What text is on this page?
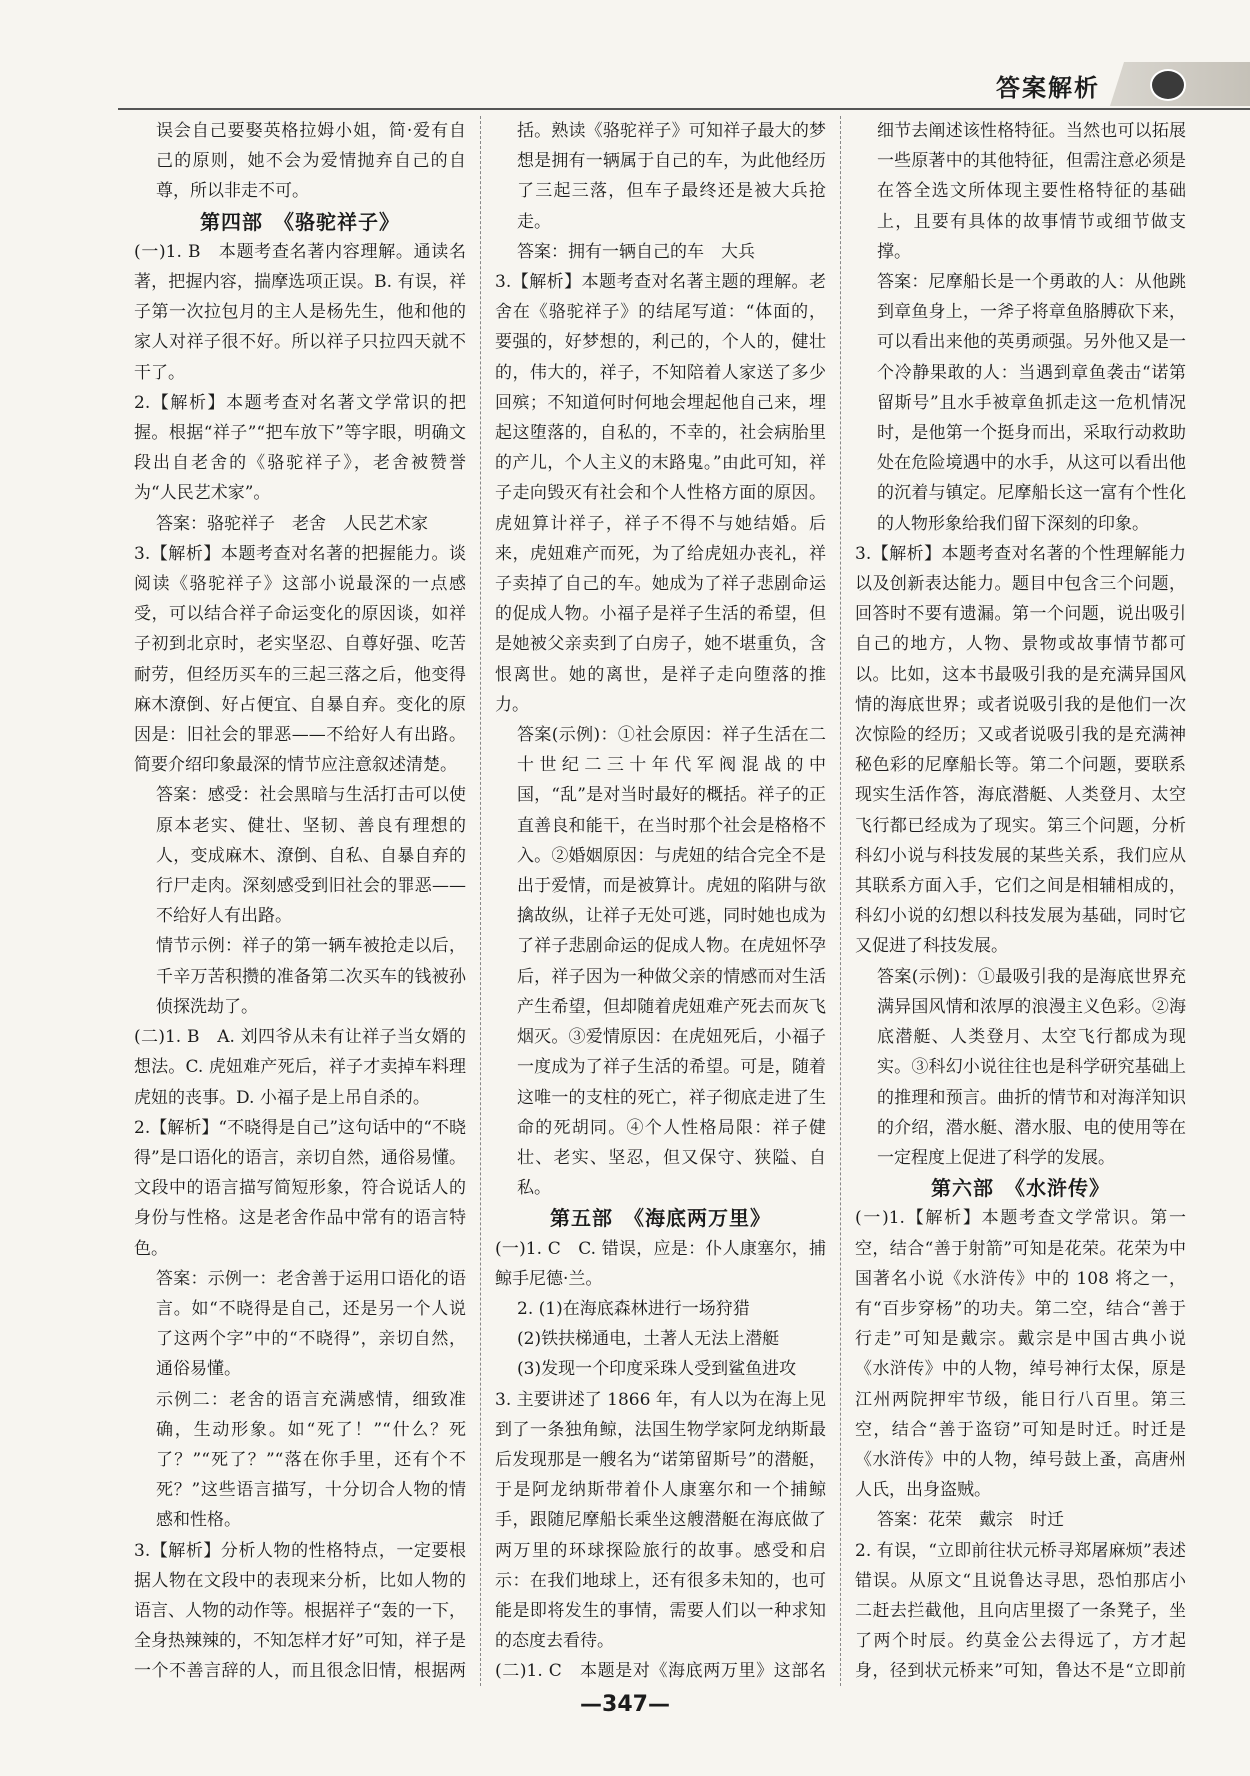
答案解析

误会自己要娶英格拉姆小姐，简·爱有自己的原则，她不会为爱情抛弃自己的自尊，所以非走不可。

第四部　《骆驼祥子》

(一)1. B　本题考查名著内容理解。通读名著，把握内容，揣摩选项正误。B. 有误，祥子第一次拉包月的主人是杨先生，他和他的家人对祥子很不好。所以祥子只拉四天就不干了。

2.【解析】本题考查对名著文学常识的把握。根据“祥子”“把车放下”等字眼，明确文段出自老舍的《骆驼祥子》，老舍被赞誉为“人民艺术家”。

答案：骆驼祥子　老舍　人民艺术家

3.【解析】本题考查对名著的把握能力。谈阅读《骆驼祥子》这部小说最深的一点感受，可以结合祥子命运变化的原因谈，如祥子初到北京时，老实坚忍、自尊好强、吃苦耐劳，但经历买车的三起三落之后，他变得麻木潦倒、好占便宜、自暴自弃。变化的原因是：旧社会的罪恶——不给好人有出路。简要介绍印象最深的情节应注意叙述清楚。

答案：感受：社会黑暗与生活打击可以使原本老实、健壮、坚韧、善良有理想的人，变成麻木、潦倒、自私、自暴自弃的行尸走肉。深刻感受到旧社会的罪恶——不给好人有出路。

情节示例：祥子的第一辆车被抢走以后，千辛万苦积攒的准备第二次买车的钱被孙侦探洗劫了。

(二)1. B　A. 刘四爷从未有让祥子当女婿的想法。C. 虎妞难产死后，祥子才卖掉车料理虎妞的丧事。D. 小福子是上吊自杀的。

2.【解析】“不晓得是自己”这句话中的“不晓得”是口语化的语言，亲切自然，通俗易懂。文段中的语言描写简短形象，符合说话人的身份与性格。这是老舍作品中常有的语言特色。

答案：示例一：老舍善于运用口语化的语言。如“不晓得是自己，还是另一个人说了这两个字”中的“不晓得”，亲切自然，通俗易懂。

示例二：老舍的语言充满感情，细致准确，生动形象。如“死了！”“什么？死了？”“死了？”“落在你手里，还有个不死？”这些语言描写，十分切合人物的情感和性格。

3.【解析】分析人物的性格特点，一定要根据人物在文段中的表现来分析，比如人物的语言、人物的动作等。根据祥子“轰的一下，全身热辣辣的，不知怎样才好”可知，祥子是一个不善言辞的人，而且很念旧情，根据两

括。熟读《骆驼祥子》可知祥子最大的梦想是拥有一辆属于自己的车，为此他经历了三起三落，但车子最终还是被大兵抢走。

答案：拥有一辆自己的车　大兵

3.【解析】本题考查对名著主题的理解。老舍在《骆驼祥子》的结尾写道：“体面的，要强的，好梦想的，利己的，个人的，健壮的，伟大的，祥子，不知陪着人家送了多少回殡；不知道何时何地会埋起他自己来，埋起这堕落的，自私的，不幸的，社会病胎里的产儿，个人主义的末路鬼。”由此可知，祥子走向毁灭有社会和个人性格方面的原因。虎妞算计祥子，祥子不得不与她结婚。后来，虎妞难产而死，为了给虎妞办丧礼，祥子卖掉了自己的车。她成为了祥子悲剧命运的促成人物。小福子是祥子生活的希望，但是她被父亲卖到了白房子，她不堪重负，含恨离世。她的离世，是祥子走向堕落的推力。

答案(示例)：①社会原因：祥子生活在二十世纪二三十年代军阀混战的中国，“乱”是对当时最好的概括。祥子的正直善良和能干，在当时那个社会是格格不入。②婚姻原因：与虎妞的结合完全不是出于爱情，而是被算计。虎妞的陷阱与欲擒故纵，让祥子无处可逃，同时她也成为了祥子悲剧命运的促成人物。在虎妞怀孕后，祥子因为一种做父亲的情感而对生活产生希望，但却随着虎妞难产死去而灰飞烟灭。③爱情原因：在虎妞死后，小福子一度成为了祥子生活的希望。可是，随着这唯一的支柱的死亡，祥子彻底走进了生命的死胡同。④个人性格局限：祥子健壮、老实、坚忍，但又保守、狭隘、自私。

第五部　《海底两万里》

(一)1. C　C. 错误，应是：仆人康塞尔，捕鲸手尼德·兰。

2. (1)在海底森林进行一场狩猎

(2)铁扶梯通电，土著人无法上潜艇

(3)发现一个印度采珠人受到鲨鱼进攻

3. 主要讲述了 1866 年，有人以为在海上见到了一条独角鲸，法国生物学家阿龙纳斯最后发现那是一艘名为“诺第留斯号”的潜艇，于是阿龙纳斯带着仆人康塞尔和一个捕鲸手，跟随尼摩船长乘坐这艘潜艇在海底做了两万里的环球探险旅行的故事。感受和启示：在我们地球上，还有很多未知的，也可能是即将发生的事情，需要人们以一种求知的态度去看待。

(二)1. C　本题是对《海底两万里》这部名

细节去阐述该性格特征。当然也可以拓展一些原著中的其他特征，但需注意必须是在答全选文所体现主要性格特征的基础上，且要有具体的故事情节或细节做支撑。

答案：尼摩船长是一个勇敢的人：从他跳到章鱼身上，一斧子将章鱼胳膊砍下来，可以看出来他的英勇顽强。另外他又是一个冷静果敢的人：当遇到章鱼袭击“诺第留斯号”且水手被章鱼抓走这一危机情况时，是他第一个挺身而出，采取行动救助处在危险境遇中的水手，从这可以看出他的沉着与镇定。尼摩船长这一富有个性化的人物形象给我们留下深刻的印象。

3.【解析】本题考查对名著的个性理解能力以及创新表达能力。题目中包含三个问题，回答时不要有遗漏。第一个问题，说出吸引自己的地方，人物、景物或故事情节都可以。比如，这本书最吸引我的是充满异国风情的海底世界；或者说吸引我的是他们一次次惊险的经历；又或者说吸引我的是充满神秘色彩的尼摩船长等。第二个问题，要联系现实生活作答，海底潜艇、人类登月、太空飞行都已经成为了现实。第三个问题，分析科幻小说与科技发展的某些关系，我们应从其联系方面入手，它们之间是相辅相成的，科幻小说的幻想以科技发展为基础，同时它又促进了科技发展。

答案(示例)：①最吸引我的是海底世界充满异国风情和浓厚的浪漫主义色彩。②海底潜艇、人类登月、太空飞行都成为现实。③科幻小说往往也是科学研究基础上的推理和预言。曲折的情节和对海洋知识的介绍，潜水艇、潜水服、电的使用等在一定程度上促进了科学的发展。

第六部　《水浒传》

(一)1.【解析】本题考查文学常识。第一空，结合“善于射箭”可知是花荣。花荣为中国著名小说《水浒传》中的 108 将之一，有“百步穿杨”的功夫。第二空，结合“善于行走”可知是戴宗。戴宗是中国古典小说《水浒传》中的人物，绰号神行太保，原是江州两院押牢节级，能日行八百里。第三空，结合“善于盗窃”可知是时迁。时迁是《水浒传》中的人物，绰号鼓上蚤，高唐州人氏，出身盗贼。

答案：花荣　戴宗　时迁

2. 有误，“立即前往状元桥寻郑屠麻烦”表述错误。从原文“且说鲁达寻思，恐怕那店小二赶去拦截他，且向店里掇了一条凳子，坐了两个时辰。约莫金公去得远了，方才起身，径到状元桥来”可知，鲁达不是“立即前

—347—
